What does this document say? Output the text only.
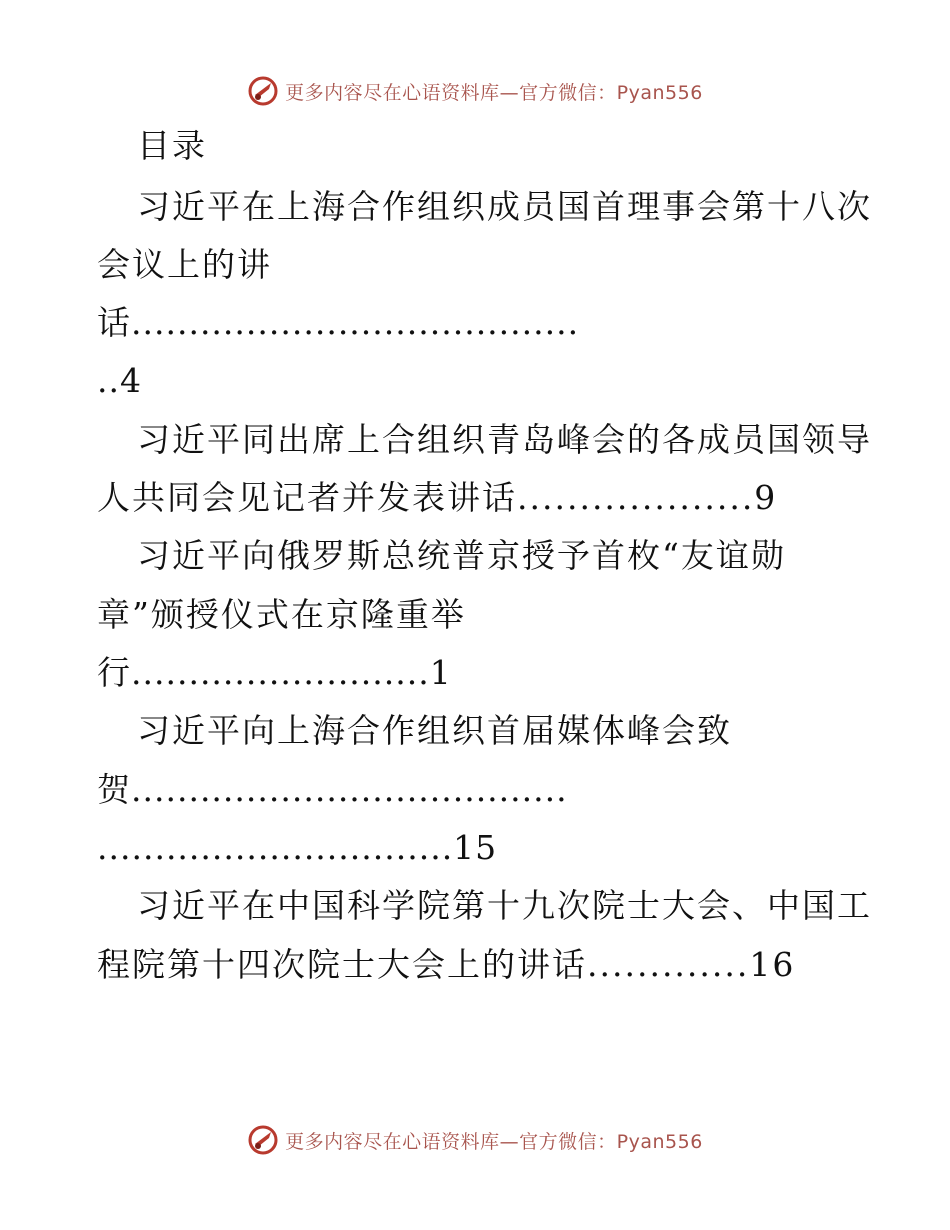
更多内容尽在心语资料库—官方微信：Pyan556
目录
习近平在上海合作组织成员国首理事会第十八次
会议上的讲
话.......................................
..4
习近平同出席上合组织青岛峰会的各成员国领导
人共同会见记者并发表讲话...................9
习近平向俄罗斯总统普京授予首枚“友谊勋
章”颁授仪式在京隆重举
行..........................1
习近平向上海合作组织首届媒体峰会致
贺......................................
...............................15
习近平在中国科学院第十九次院士大会、中国工
程院第十四次院士大会上的讲话.............16
更多内容尽在心语资料库—官方微信：Pyan556
